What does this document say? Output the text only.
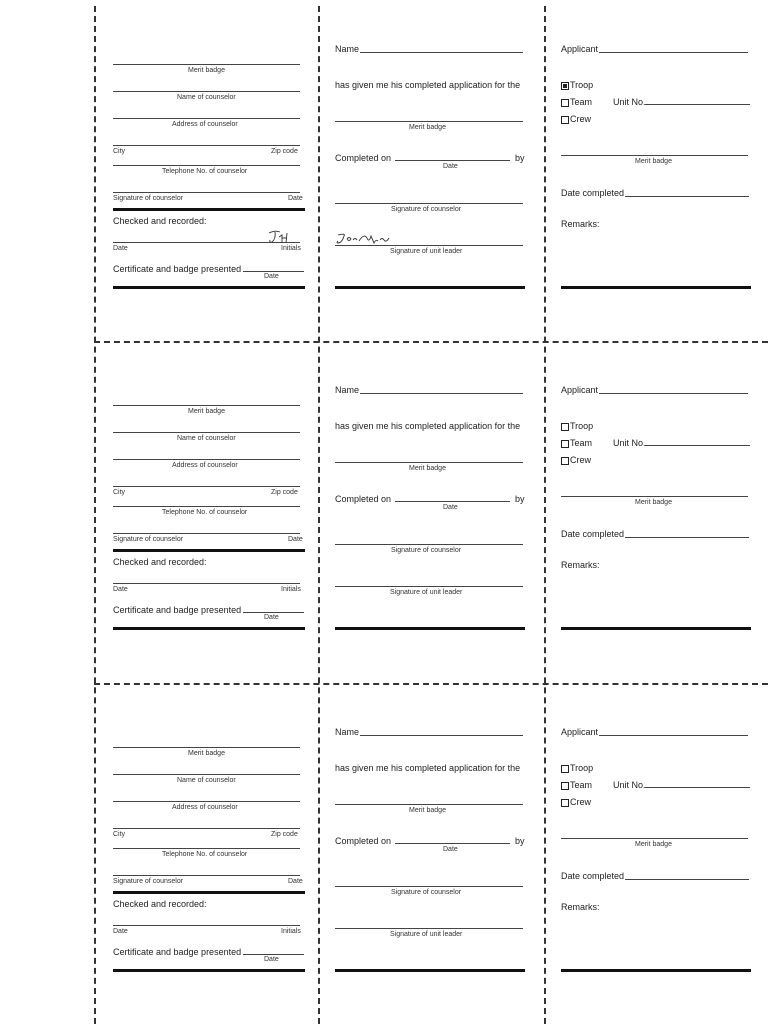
Merit badge
Name of counselor
Address of counselor
City	Zip code
Telephone No. of counselor
Signature of counselor	Date
Checked and recorded:
Date	Initials
Certificate and badge presented
Date
Name
has given me his completed application for the
Merit badge
Completed on	by
Date
Signature of counselor
Signature of unit leader
Applicant
Troop
Team Unit No.
Crew
Merit badge
Date completed
Remarks:
Merit badge
Name of counselor
Address of counselor
City	Zip code
Telephone No. of counselor
Signature of counselor	Date
Checked and recorded:
Date	Initials
Certificate and badge presented
Date
Name
has given me his completed application for the
Merit badge
Completed on	by
Date
Signature of counselor
Signature of unit leader
Applicant
Troop
Team Unit No.
Crew
Merit badge
Date completed
Remarks:
Merit badge
Name of counselor
Address of counselor
City	Zip code
Telephone No. of counselor
Signature of counselor	Date
Checked and recorded:
Date	Initials
Certificate and badge presented
Date
Name
has given me his completed application for the
Merit badge
Completed on	by
Date
Signature of counselor
Signature of unit leader
Applicant
Troop
Team Unit No.
Crew
Merit badge
Date completed
Remarks:
